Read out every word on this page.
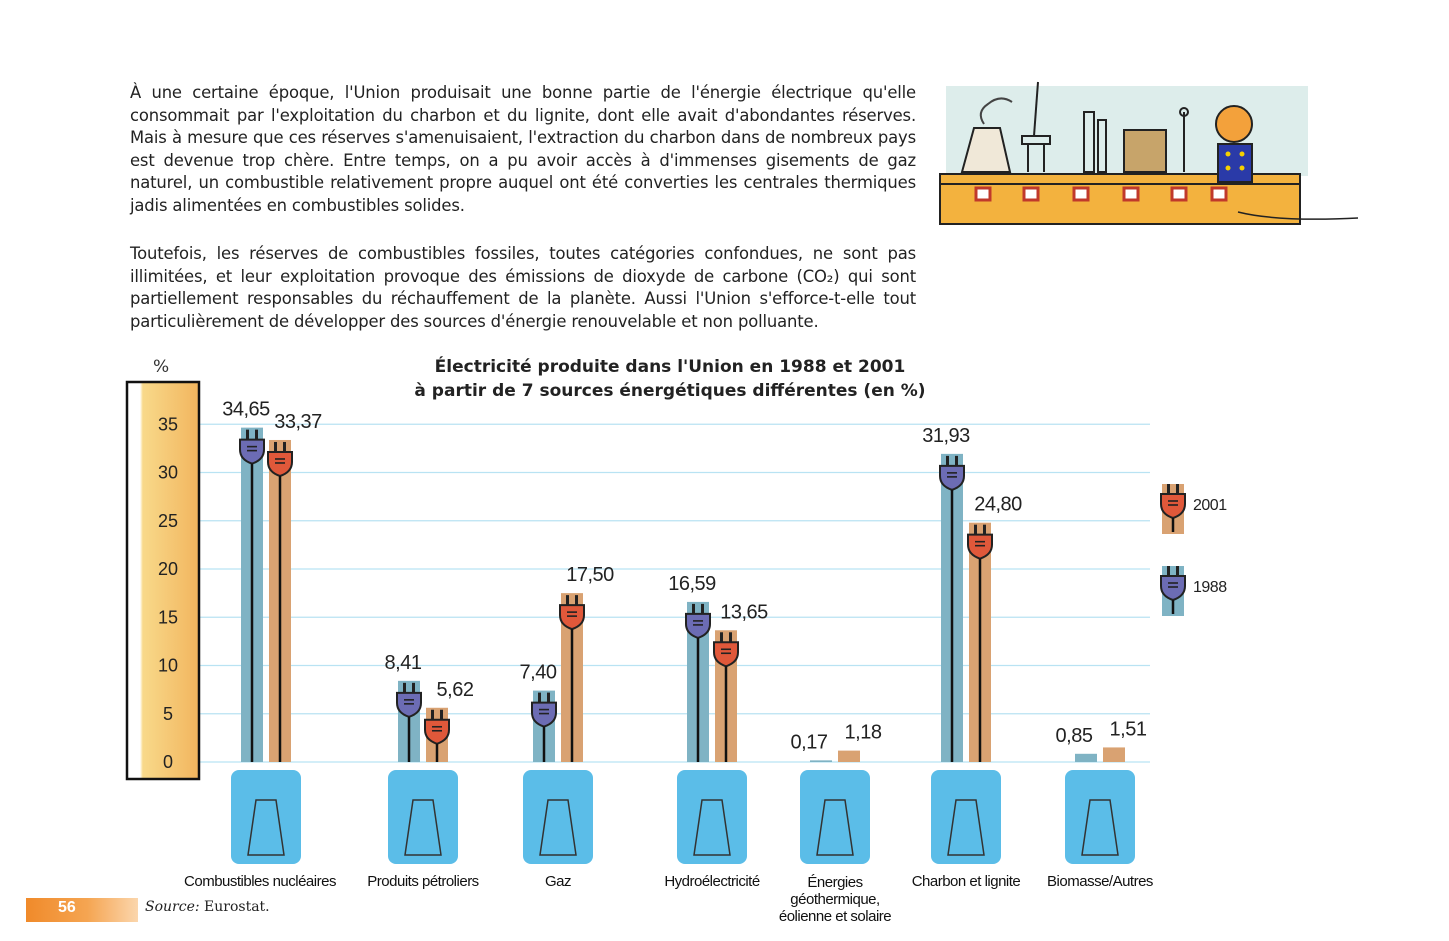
À une certaine époque, l'Union produisait une bonne partie de l'énergie électrique qu'elle consommait par l'exploitation du charbon et du lignite, dont elle avait d'abondantes réserves. Mais à mesure que ces réserves s'amenuisaient, l'extraction du charbon dans de nombreux pays est devenue trop chère. Entre temps, on a pu avoir accès à d'immenses gisements de gaz naturel, un combustible relativement propre auquel ont été converties les centrales thermiques jadis alimentées en combustibles solides.

Toutefois, les réserves de combustibles fossiles, toutes catégories confondues, ne sont pas illimitées, et leur exploitation provoque des émissions de dioxyde de carbone (CO₂) qui sont partiellement responsables du réchauffement de la planète. Aussi l'Union s'efforce-t-elle tout particulièrement de développer des sources d'énergie renouvelable et non polluante.

Électricité produite dans l'Union en 1988 et 2001
à partir de 7 sources énergétiques différentes (en %)
%
35
30
25
20
15
10
5
0
34,65
33,37
8,41
5,62
7,40
17,50	16,59
13,65
0,17 1,18
31,93
24,80
0,85 1,51
2001
1988
Combustibles nucléaires	Produits pétroliers	Gaz	Hydroélectricité	Énergies
géothermique,
éolienne et solaire
Charbon et lignite	Biomasse/Autres
56	Source: Eurostat.
